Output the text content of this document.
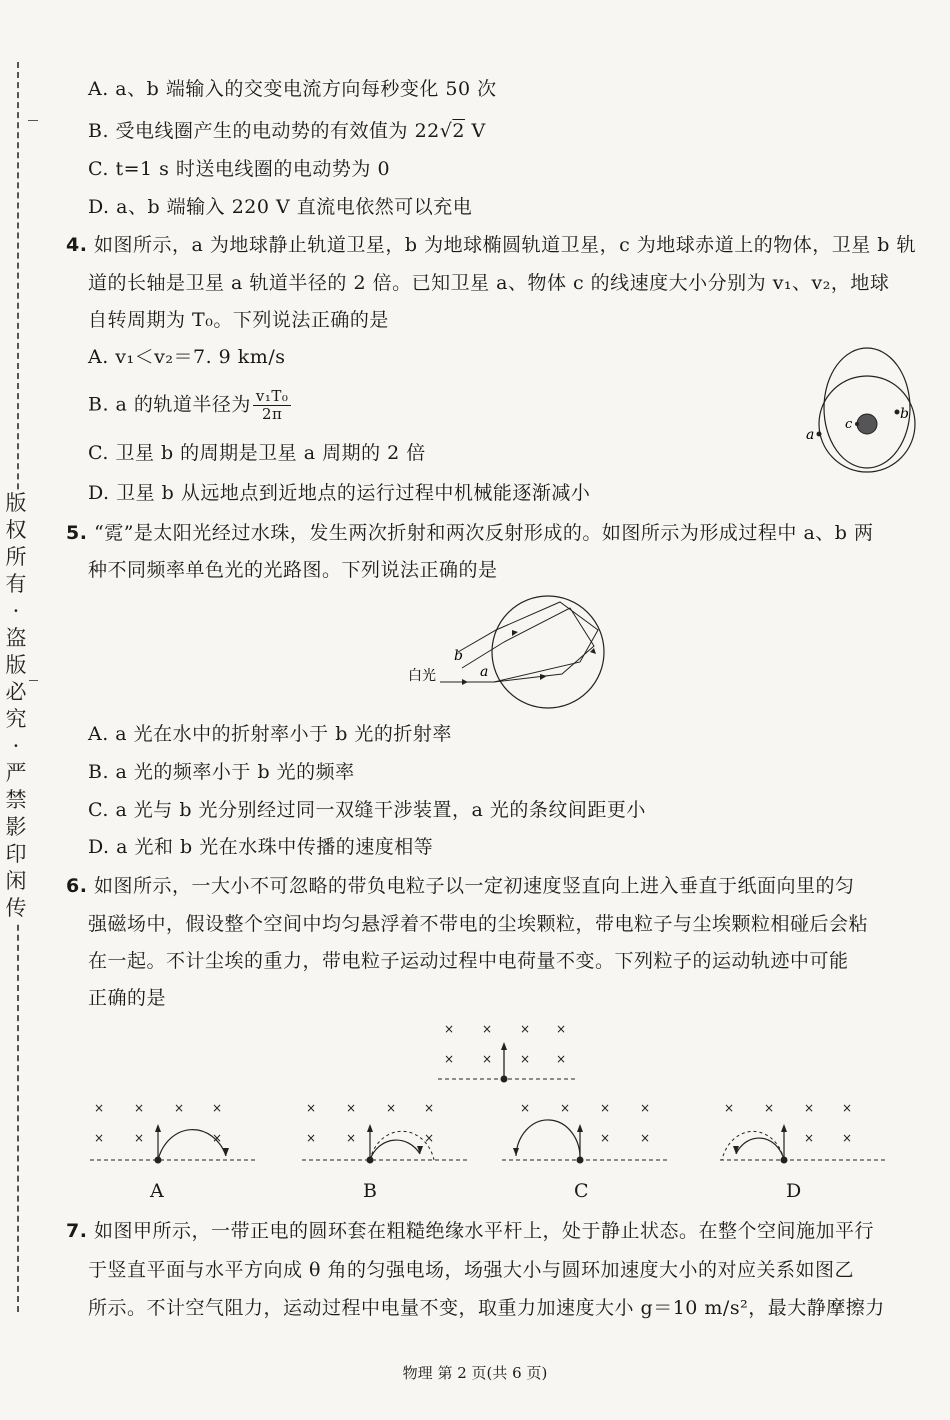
版
权
所
有
·
盗
版
必
究
·
严
禁
影
印
闲
传
A. a、b 端输入的交变电流方向每秒变化 50 次
B. 受电线圈产生的电动势的有效值为 22√2 V
C. t=1 s 时送电线圈的电动势为 0
D. a、b 端输入 220 V 直流电依然可以充电
4. 如图所示，a 为地球静止轨道卫星，b 为地球椭圆轨道卫星，c 为地球赤道上的物体，卫星 b 轨
道的长轴是卫星 a 轨道半径的 2 倍。已知卫星 a、物体 c 的线速度大小分别为 v₁、v₂，地球
自转周期为 T₀。下列说法正确的是
A. v₁＜v₂＝7. 9 km/s
B. a 的轨道半径为 $\frac{\text{v₁T₀}}{2\pi}$
C. 卫星 b 的周期是卫星 a 周期的 2 倍
D. 卫星 b 从远地点到近地点的运行过程中机械能逐渐减小
a
b
c
5. “霓”是太阳光经过水珠，发生两次折射和两次反射形成的。如图所示为形成过程中 a、b 两
种不同频率单色光的光路图。下列说法正确的是
白光
b
a
A. a 光在水中的折射率小于 b 光的折射率
B. a 光的频率小于 b 光的频率
C. a 光与 b 光分别经过同一双缝干涉装置，a 光的条纹间距更小
D. a 光和 b 光在水珠中传播的速度相等
6. 如图所示，一大小不可忽略的带负电粒子以一定初速度竖直向上进入垂直于纸面向里的匀
强磁场中，假设整个空间中均匀悬浮着不带电的尘埃颗粒，带电粒子与尘埃颗粒相碰后会粘
在一起。不计尘埃的重力，带电粒子运动过程中电荷量不变。下列粒子的运动轨迹中可能
正确的是
× × × ×
× × × ×
× × × ×
× ×	×
× × × ×
× ×	×
× × × ×
× ×
× × × ×
× ×
A	B	C	D
7. 如图甲所示，一带正电的圆环套在粗糙绝缘水平杆上，处于静止状态。在整个空间施加平行
于竖直平面与水平方向成 θ 角的匀强电场，场强大小与圆环加速度大小的对应关系如图乙
所示。不计空气阻力，运动过程中电量不变，取重力加速度大小 g＝10 m/s²，最大静摩擦力
物理 第 2 页(共 6 页)
